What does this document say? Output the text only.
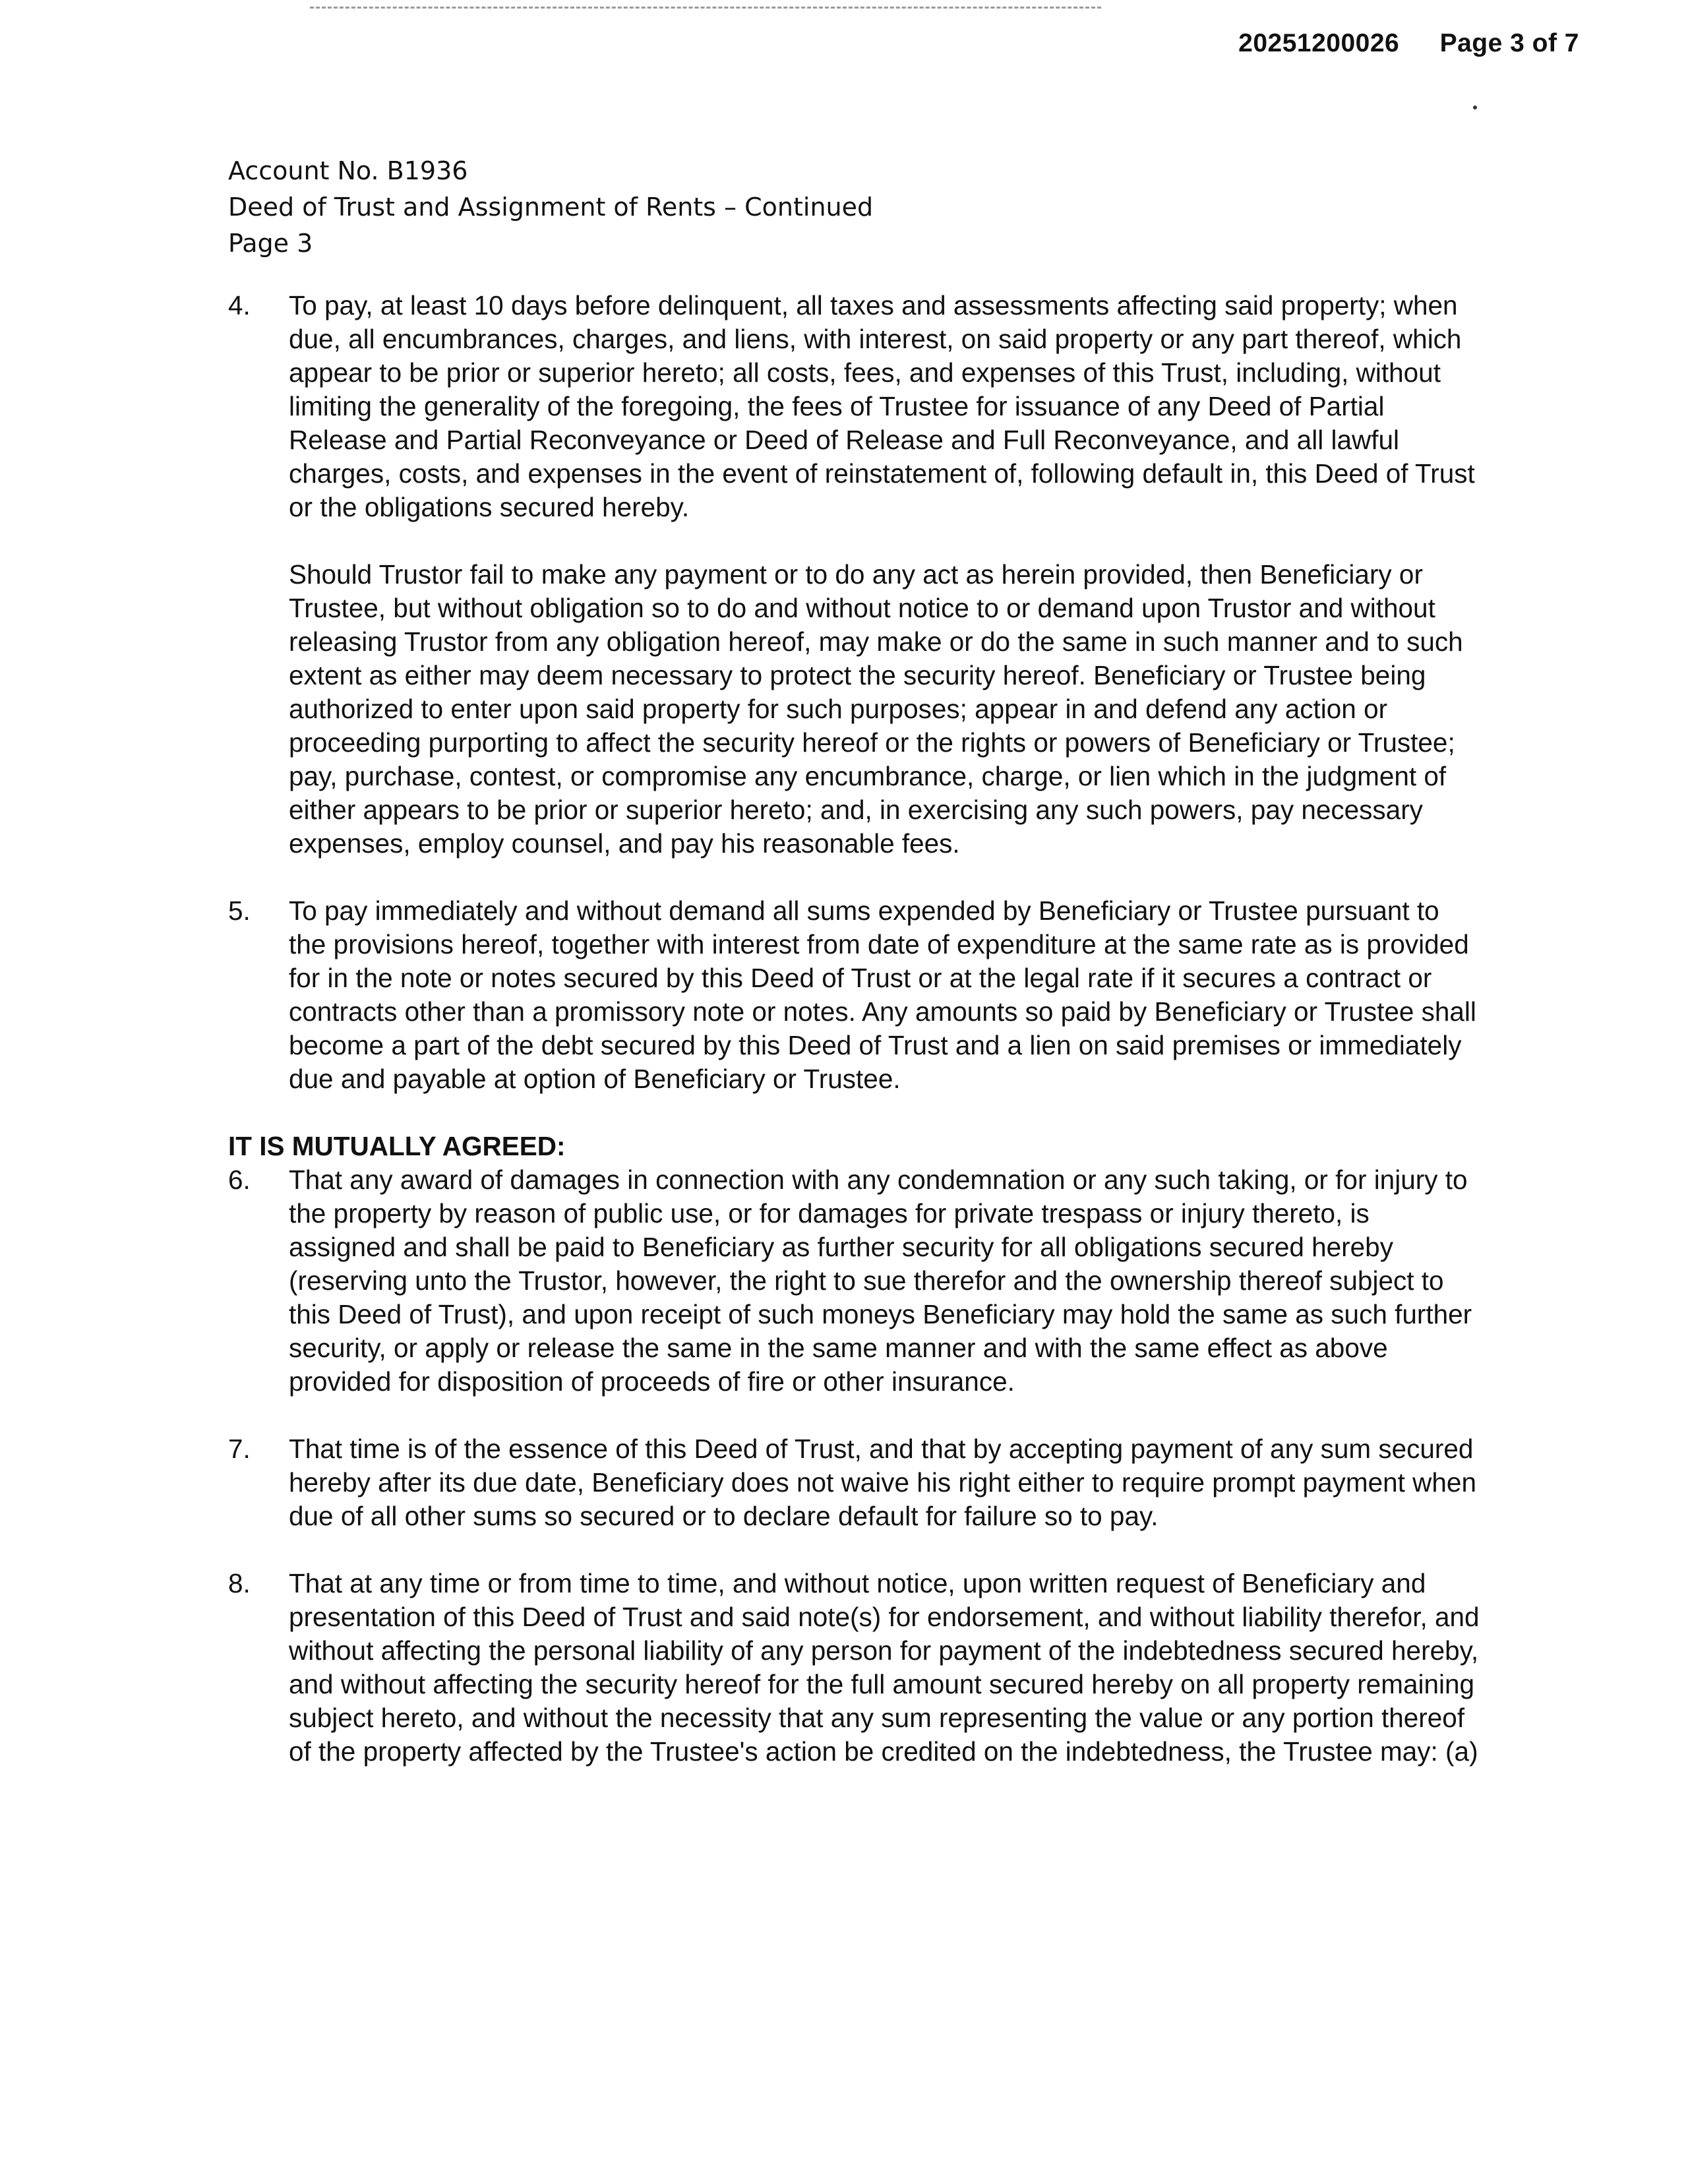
20251200026 Page 3 of 7
Account No. B1936
Deed of Trust and Assignment of Rents – Continued
Page 3
4.	To pay, at least 10 days before delinquent, all taxes and assessments affecting said property; when due, all encumbrances, charges, and liens, with interest, on said property or any part thereof, which appear to be prior or superior hereto; all costs, fees, and expenses of this Trust, including, without limiting the generality of the foregoing, the fees of Trustee for issuance of any Deed of Partial Release and Partial Reconveyance or Deed of Release and Full Reconveyance, and all lawful charges, costs, and expenses in the event of reinstatement of, following default in, this Deed of Trust or the obligations secured hereby.
Should Trustor fail to make any payment or to do any act as herein provided, then Beneficiary or Trustee, but without obligation so to do and without notice to or demand upon Trustor and without releasing Trustor from any obligation hereof, may make or do the same in such manner and to such extent as either may deem necessary to protect the security hereof. Beneficiary or Trustee being authorized to enter upon said property for such purposes; appear in and defend any action or proceeding purporting to affect the security hereof or the rights or powers of Beneficiary or Trustee; pay, purchase, contest, or compromise any encumbrance, charge, or lien which in the judgment of either appears to be prior or superior hereto; and, in exercising any such powers, pay necessary expenses, employ counsel, and pay his reasonable fees.
5.	To pay immediately and without demand all sums expended by Beneficiary or Trustee pursuant to the provisions hereof, together with interest from date of expenditure at the same rate as is provided for in the note or notes secured by this Deed of Trust or at the legal rate if it secures a contract or contracts other than a promissory note or notes. Any amounts so paid by Beneficiary or Trustee shall become a part of the debt secured by this Deed of Trust and a lien on said premises or immediately due and payable at option of Beneficiary or Trustee.
IT IS MUTUALLY AGREED:
6.	That any award of damages in connection with any condemnation or any such taking, or for injury to the property by reason of public use, or for damages for private trespass or injury thereto, is assigned and shall be paid to Beneficiary as further security for all obligations secured hereby (reserving unto the Trustor, however, the right to sue therefor and the ownership thereof subject to this Deed of Trust), and upon receipt of such moneys Beneficiary may hold the same as such further security, or apply or release the same in the same manner and with the same effect as above provided for disposition of proceeds of fire or other insurance.
7.	That time is of the essence of this Deed of Trust, and that by accepting payment of any sum secured hereby after its due date, Beneficiary does not waive his right either to require prompt payment when due of all other sums so secured or to declare default for failure so to pay.
8.	That at any time or from time to time, and without notice, upon written request of Beneficiary and presentation of this Deed of Trust and said note(s) for endorsement, and without liability therefor, and without affecting the personal liability of any person for payment of the indebtedness secured hereby, and without affecting the security hereof for the full amount secured hereby on all property remaining subject hereto, and without the necessity that any sum representing the value or any portion thereof of the property affected by the Trustee's action be credited on the indebtedness, the Trustee may: (a)
